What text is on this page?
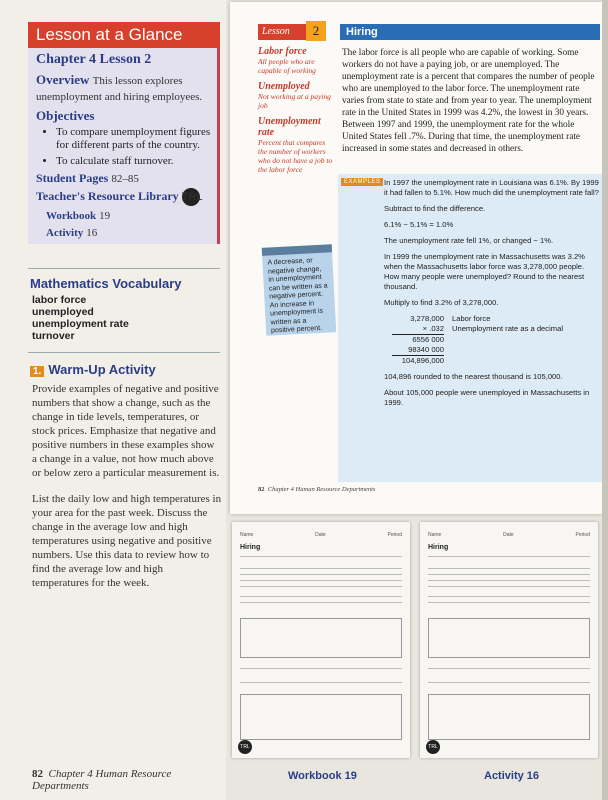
Lesson at a Glance
Chapter 4 Lesson 2
Overview This lesson explores unemployment and hiring employees.
Objectives
• To compare unemployment figures for different parts of the country.
• To calculate staff turnover.
Student Pages 82–85
Teacher's Resource Library TRL
Workbook 19
Activity 16
Mathematics Vocabulary
labor force
unemployed
unemployment rate
turnover
1. Warm-Up Activity
Provide examples of negative and positive numbers that show a change, such as the change in tide levels, temperatures, or stock prices. Emphasize that negative and positive numbers in these examples show a change in a value, not how much above or below zero a particular measurement is.
List the daily low and high temperatures in your area for the past week. Discuss the change in the average low and high temperatures using negative and positive numbers. Use this data to review how to find the average low and high temperatures for the week.
82 Chapter 4 Human Resource Departments
Lesson	2	Hiring
Labor force
All people who are capable of working
Unemployed
Not working at a paying job
Unemployment rate
Percent that compares the number of workers who do not have a job to the labor force
The labor force is all people who are capable of working. Some workers do not have a paying job, or are unemployed. The unemployment rate is a percent that compares the number of people who are unemployed to the labor force. The unemployment rate varies from state to state and from year to year. The unemployment rate in the United States in 1999 was 4.2%, the lowest in 30 years. Between 1997 and 1999, the unemployment rate for the whole United States fell .7%. During that time, the unemployment rate increased in some states and decreased in others.
A decrease, or negative change, in unemployment can be written as a negative percent. An increase in unemployment is written as a positive percent.
EXAMPLES In 1997 the unemployment rate in Louisiana was 6.1%. By 1999 it had fallen to 5.1%. How much did the unemployment rate fall?

Subtract to find the difference.

6.1% − 5.1% = 1.0%

The unemployment rate fell 1%, or changed − 1%.

In 1999 the unemployment rate in Massachusetts was 3.2% when the Massachusetts labor force was 3,278,000 people. How many people were unemployed? Round to the nearest thousand.

Multiply to find 3.2% of 3,278,000.

3,278,000	Labor force
× .032	Unemployment rate as a decimal
6556 000
98340 000
104,896,000

104,896 rounded to the nearest thousand is 105,000.

About 105,000 people were unemployed in Massachusetts in 1999.

82 Chapter 4 Human Resource Departments
Name	Date	Period
Hiring
TRL
Workbook 19
Name	Date	Period
Hiring
TRL
Activity 16
